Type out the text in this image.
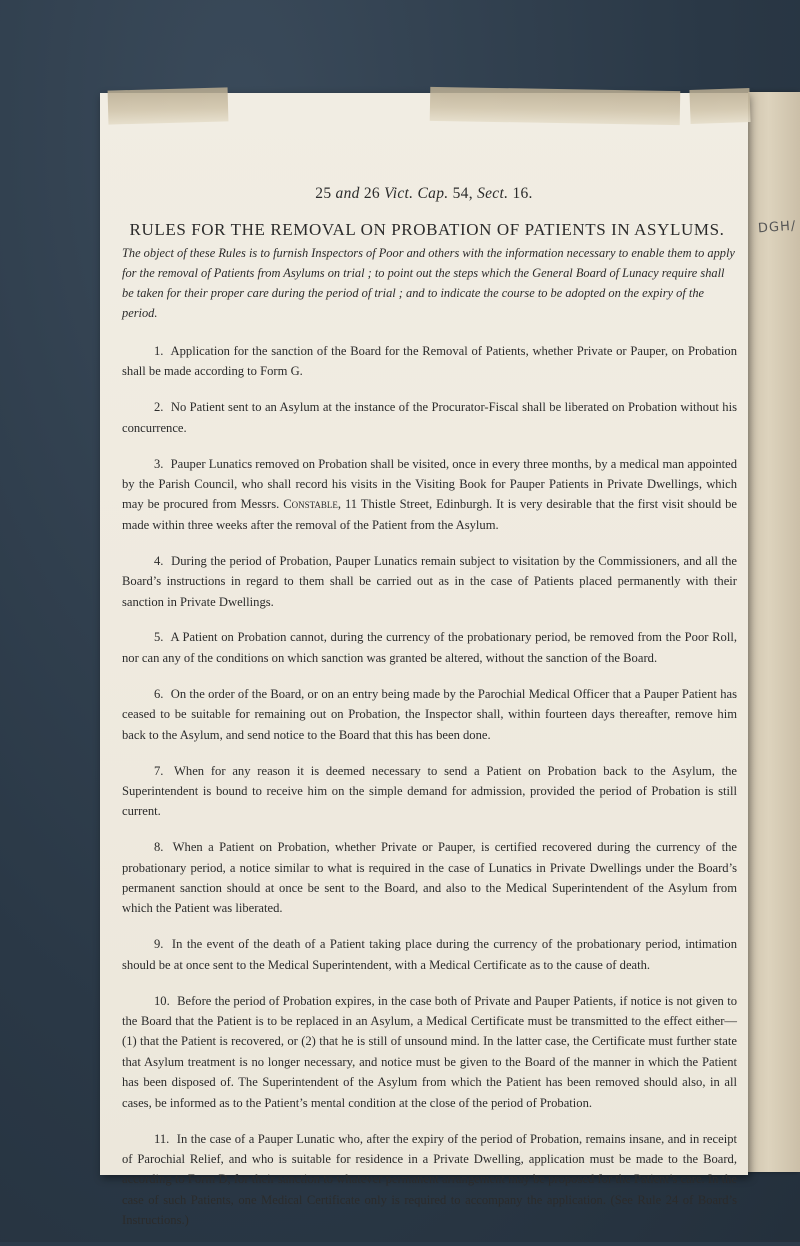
DGH/
25 and 26 Vict. Cap. 54, Sect. 16.
RULES FOR THE REMOVAL ON PROBATION OF PATIENTS IN ASYLUMS.

The object of these Rules is to furnish Inspectors of Poor and others with the information necessary to enable them to apply for the removal of Patients from Asylums on trial ; to point out the steps which the General Board of Lunacy require shall be taken for their proper care during the period of trial ; and to indicate the course to be adopted on the expiry of the period.

1. Application for the sanction of the Board for the Removal of Patients, whether Private or Pauper, on Probation shall be made according to Form G.
2. No Patient sent to an Asylum at the instance of the Procurator-Fiscal shall be liberated on Probation without his concurrence.
3. Pauper Lunatics removed on Probation shall be visited, once in every three months, by a medical man appointed by the Parish Council, who shall record his visits in the Visiting Book for Pauper Patients in Private Dwellings, which may be procured from Messrs. Constable, 11 Thistle Street, Edinburgh. It is very desirable that the first visit should be made within three weeks after the removal of the Patient from the Asylum.
4. During the period of Probation, Pauper Lunatics remain subject to visitation by the Commissioners, and all the Board’s instructions in regard to them shall be carried out as in the case of Patients placed permanently with their sanction in Private Dwellings.
5. A Patient on Probation cannot, during the currency of the probationary period, be removed from the Poor Roll, nor can any of the conditions on which sanction was granted be altered, without the sanction of the Board.
6. On the order of the Board, or on an entry being made by the Parochial Medical Officer that a Pauper Patient has ceased to be suitable for remaining out on Probation, the Inspector shall, within fourteen days thereafter, remove him back to the Asylum, and send notice to the Board that this has been done.
7. When for any reason it is deemed necessary to send a Patient on Probation back to the Asylum, the Superintendent is bound to receive him on the simple demand for admission, provided the period of Probation is still current.
8. When a Patient on Probation, whether Private or Pauper, is certified recovered during the currency of the probationary period, a notice similar to what is required in the case of Lunatics in Private Dwellings under the Board’s permanent sanction should at once be sent to the Board, and also to the Medical Superintendent of the Asylum from which the Patient was liberated.
9. In the event of the death of a Patient taking place during the currency of the probationary period, intimation should be at once sent to the Medical Superintendent, with a Medical Certificate as to the cause of death.
10. Before the period of Probation expires, in the case both of Private and Pauper Patients, if notice is not given to the Board that the Patient is to be replaced in an Asylum, a Medical Certificate must be transmitted to the effect either—(1) that the Patient is recovered, or (2) that he is still of unsound mind. In the latter case, the Certificate must further state that Asylum treatment is no longer necessary, and notice must be given to the Board of the manner in which the Patient has been disposed of. The Superintendent of the Asylum from which the Patient has been removed should also, in all cases, be informed as to the Patient’s mental condition at the close of the period of Probation.
11. In the case of a Pauper Lunatic who, after the expiry of the period of Probation, remains insane, and in receipt of Parochial Relief, and who is suitable for residence in a Private Dwelling, application must be made to the Board, according to Form D, for their sanction to whatever permanent arrangement may be proposed for the Patient’s care. In the case of such Patients, one Medical Certificate only is required to accompany the application. (See Rule 24 of Board’s Instructions.)
